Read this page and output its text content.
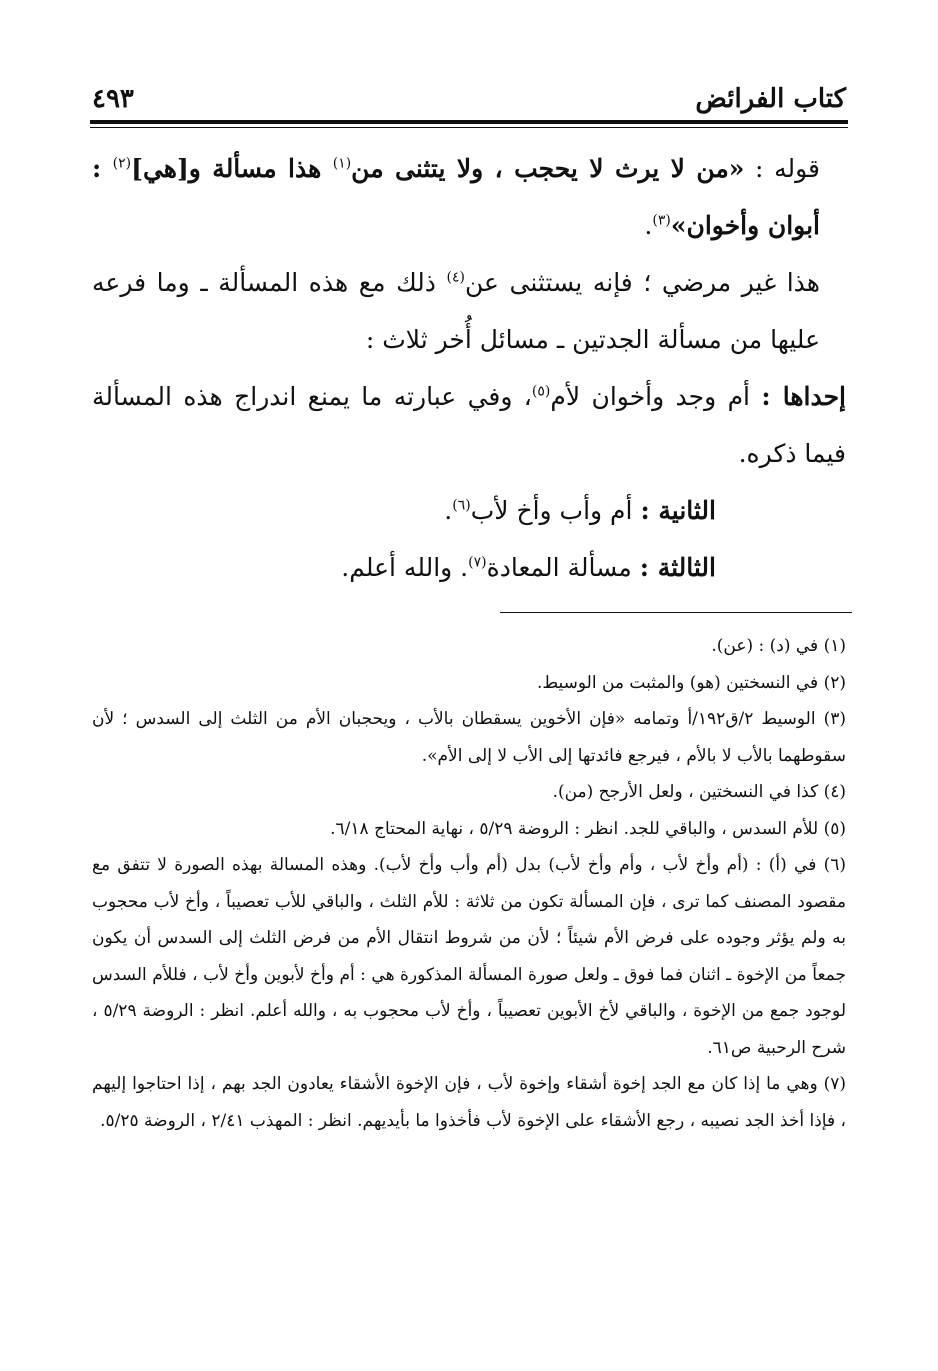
كتاب الفرائض
٤٩٣

قوله : «من لا يرث لا يحجب ، ولا يتثنى من$^{(١)}$ هذا مسألة و[هي]$^{(٢)}$ : أبوان وأخوان»$^{(٣)}$.

هذا غير مرضي ؛ فإنه يستثنى عن$^{(٤)}$ ذلك مع هذه المسألة ـ وما فرعه عليها من مسألة الجدتين ـ مسائل أُخر ثلاث :

إحداها : أم وجد وأخوان لأم$^{(٥)}$، وفي عبارته ما يمنع اندراج هذه المسألة فيما ذكره.

الثانية : أم وأب وأخ لأب$^{(٦)}$.

الثالثة : مسألة المعادة$^{(٧)}$. والله أعلم.

(١) في (د) : (عن).

(٢) في النسختين (هو) والمثبت من الوسيط.

(٣) الوسيط ٢/ق١٩٢/أ وتمامه «فإن الأخوين يسقطان بالأب ، ويحجبان الأم من الثلث إلى السدس ؛ لأن سقوطهما بالأب لا بالأم ، فيرجع فائدتها إلى الأب لا إلى الأم».

(٤) كذا في النسختين ، ولعل الأرجح (من).

(٥) للأم السدس ، والباقي للجد. انظر : الروضة ٥/٢٩ ، نهاية المحتاج ٦/١٨.

(٦) في (أ) : (أم وأخ لأب ، وأم وأخ لأب) بدل (أم وأب وأخ لأب). وهذه المسالة بهذه الصورة لا تتفق مع مقصود المصنف كما ترى ، فإن المسألة تكون من ثلاثة : للأم الثلث ، والباقي للأب تعصيباً ، وأخ لأب محجوب به ولم يؤثر وجوده على فرض الأم شيئاً ؛ لأن من شروط انتقال الأم من فرض الثلث إلى السدس أن يكون جمعاً من الإخوة ـ اثنان فما فوق ـ ولعل صورة المسألة المذكورة هي : أم وأخ لأبوين وأخ لأب ، فللأم السدس لوجود جمع من الإخوة ، والباقي لأخ الأبوين تعصيباً ، وأخ لأب محجوب به ، والله أعلم. انظر : الروضة ٥/٢٩ ، شرح الرحبية ص٦١.

(٧) وهي ما إذا كان مع الجد إخوة أشقاء وإخوة لأب ، فإن الإخوة الأشقاء يعادون الجد بهم ، إذا احتاجوا إليهم ، فإذا أخذ الجد نصيبه ، رجع الأشقاء على الإخوة لأب فأخذوا ما بأيديهم. انظر : المهذب ٢/٤١ ، الروضة ٥/٢٥.
